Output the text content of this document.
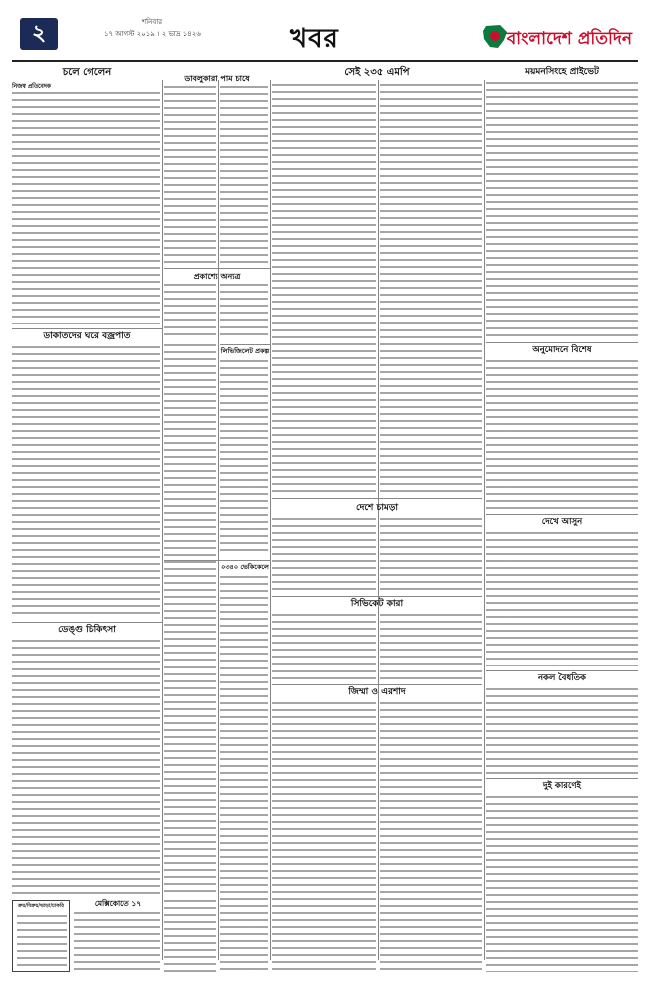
২	শনিবার
১৭ আগস্ট ২০১৯ । ২ ভাদ্র ১৪২৬	খবর	বাংলাদেশ প্রতিদিন
চলে গেলেন
নিজস্ব প্রতিবেদক
ডাকাতদের ঘরে বজ্রপাত
ডেঙ্গু চিকিৎসা
ক্রয়/বিক্রয়/ভাড়া/চাকরি	মেক্সিকোতে ১৭
ডাবলুকারা পাম চাষে
প্রকাশ্যে অন্যত্র
লিভিজিলেট প্রকল্প
০৩৪০ ভেকিকেলে
সেই ২৩৫ এমপি
দেশে চামড়া
সিভিকেট কারা
জিম্মা ও এরশাদ
ময়মনসিংহে প্রাইভেট
অনুমোদনে বিশেষ
দেখে আসুন
নকল বৈধতিক
দুই কারণেই
